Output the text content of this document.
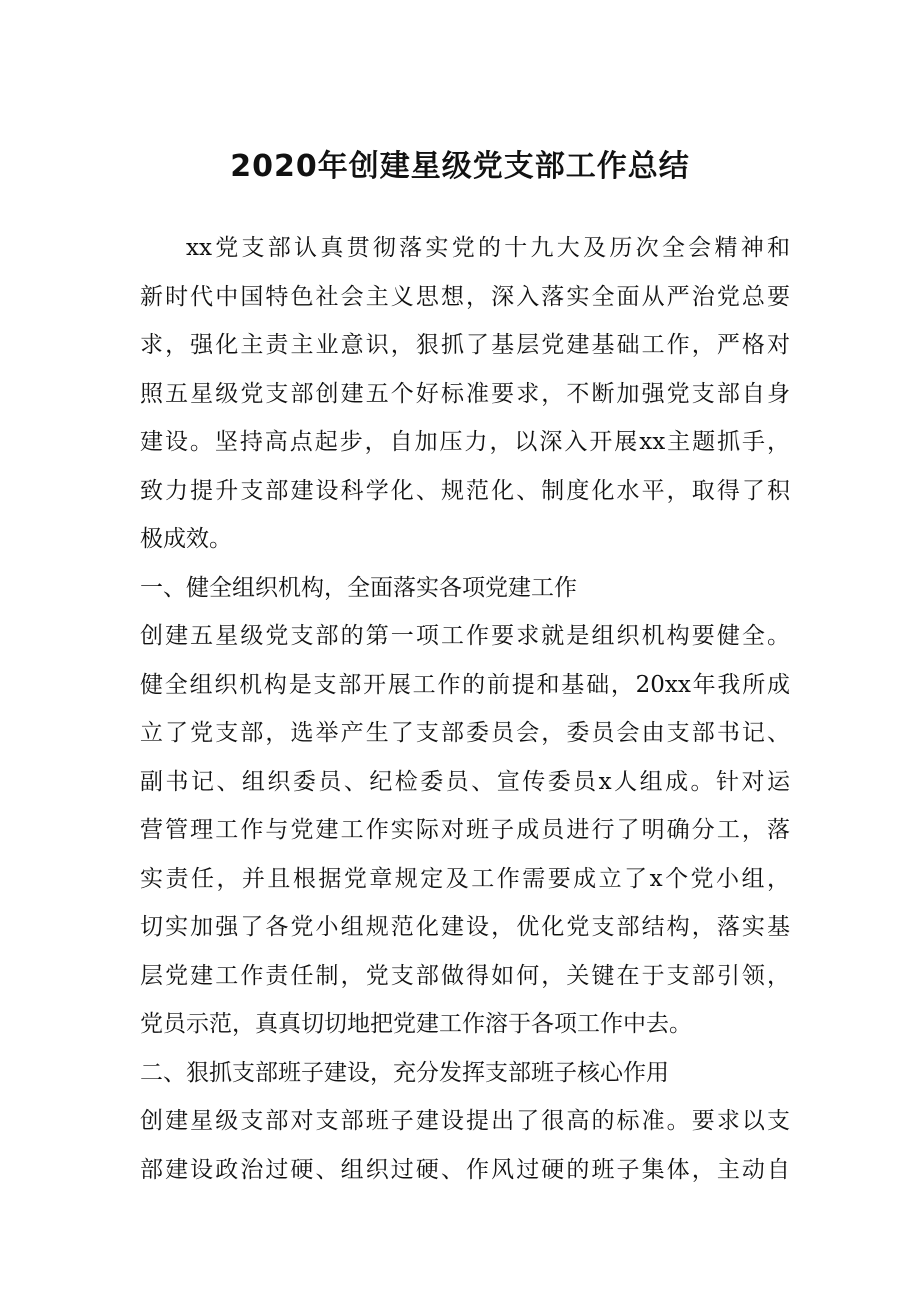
2020年创建星级党支部工作总结
xx党支部认真贯彻落实党的十九大及历次全会精神和
新时代中国特色社会主义思想，深入落实全面从严治党总要
求，强化主责主业意识，狠抓了基层党建基础工作，严格对
照五星级党支部创建五个好标准要求，不断加强党支部自身
建设。坚持高点起步，自加压力，以深入开展xx主题抓手，
致力提升支部建设科学化、规范化、制度化水平，取得了积
极成效。
一、健全组织机构，全面落实各项党建工作
创建五星级党支部的第一项工作要求就是组织机构要健全。
健全组织机构是支部开展工作的前提和基础，20xx年我所成
立了党支部，选举产生了支部委员会，委员会由支部书记、
副书记、组织委员、纪检委员、宣传委员x人组成。针对运
营管理工作与党建工作实际对班子成员进行了明确分工，落
实责任，并且根据党章规定及工作需要成立了x个党小组，
切实加强了各党小组规范化建设，优化党支部结构，落实基
层党建工作责任制，党支部做得如何，关键在于支部引领，
党员示范，真真切切地把党建工作溶于各项工作中去。
二、狠抓支部班子建设，充分发挥支部班子核心作用
创建星级支部对支部班子建设提出了很高的标准。要求以支
部建设政治过硬、组织过硬、作风过硬的班子集体，主动自
